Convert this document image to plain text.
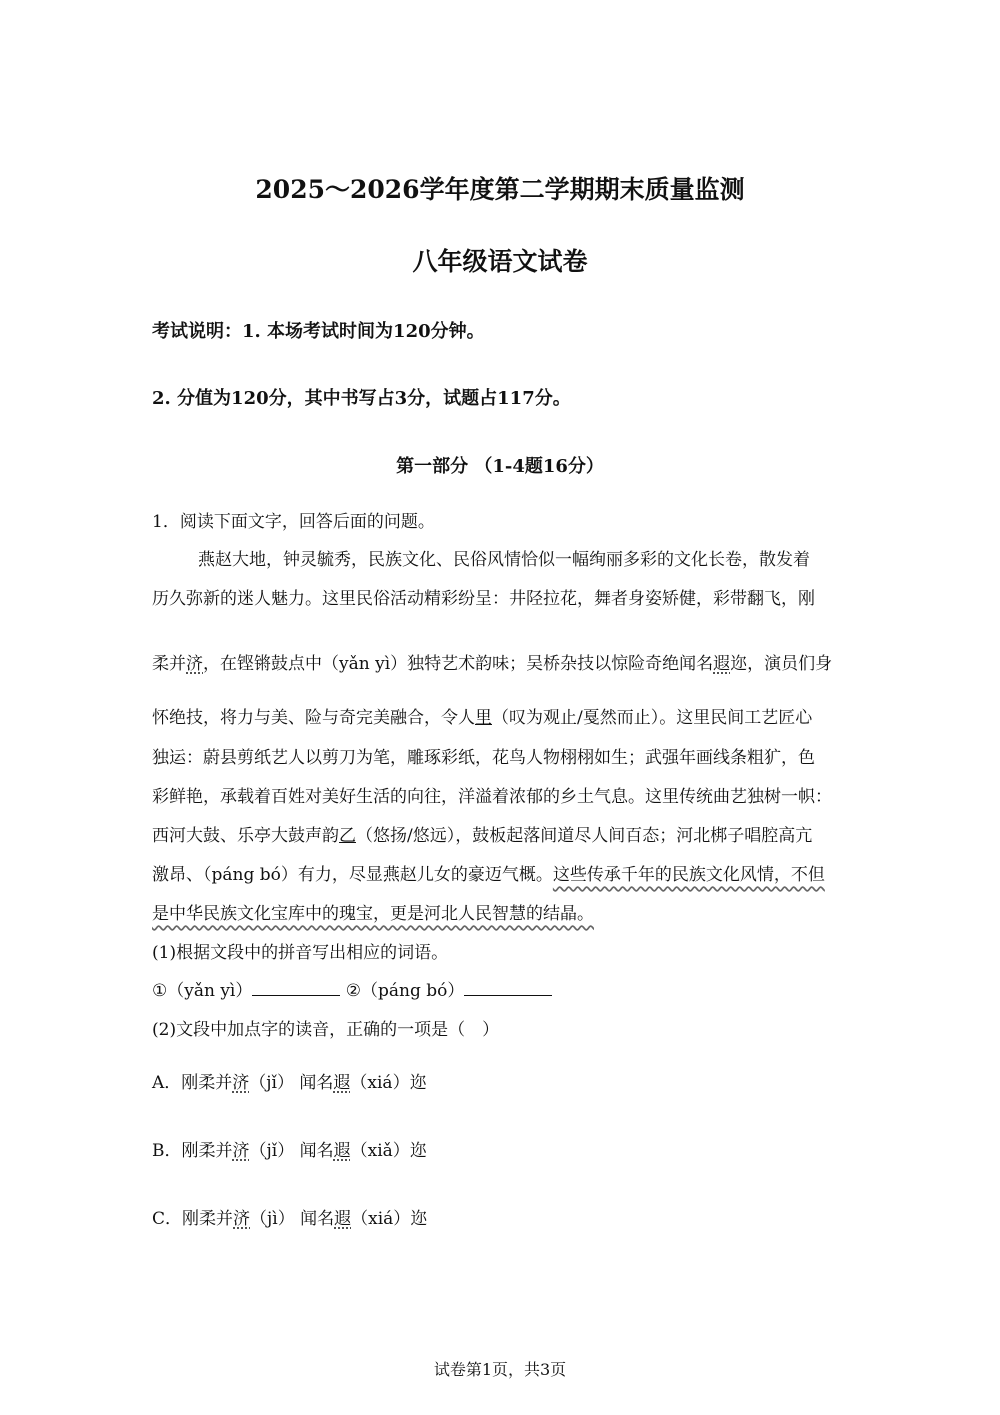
2025～2026学年度第二学期期末质量监测
八年级语文试卷
考试说明：1. 本场考试时间为120分钟。
2. 分值为120分，其中书写占3分，试题占117分。
第一部分 （1-4题16分）
1．阅读下面文字，回答后面的问题。
燕赵大地，钟灵毓秀，民族文化、民俗风情恰似一幅绚丽多彩的文化长卷，散发着
历久弥新的迷人魅力。这里民俗活动精彩纷呈：井陉拉花，舞者身姿矫健，彩带翻飞，刚
柔并济，在铿锵鼓点中（yǎn yì）独特艺术韵味；吴桥杂技以惊险奇绝闻名遐迩，演员们身
怀绝技，将力与美、险与奇完美融合，令人里（叹为观止/戛然而止）。这里民间工艺匠心
独运：蔚县剪纸艺人以剪刀为笔，雕琢彩纸，花鸟人物栩栩如生；武强年画线条粗犷，色
彩鲜艳，承载着百姓对美好生活的向往，洋溢着浓郁的乡土气息。这里传统曲艺独树一帜：
西河大鼓、乐亭大鼓声韵乙（悠扬/悠远），鼓板起落间道尽人间百态；河北梆子唱腔高亢
激昂、（páng bó）有力，尽显燕赵儿女的豪迈气概。这些传承千年的民族文化风情，不但
是中华民族文化宝库中的瑰宝，更是河北人民智慧的结晶。
(1)根据文段中的拼音写出相应的词语。
①（yǎn yì）	②（páng bó）
(2)文段中加点字的读音，正确的一项是（　）
A．刚柔并济（jǐ） 闻名遐（xiá）迩
B．刚柔并济（jǐ） 闻名遐（xiǎ）迩
C．刚柔并济（jì） 闻名遐（xiá）迩
试卷第1页，共3页
